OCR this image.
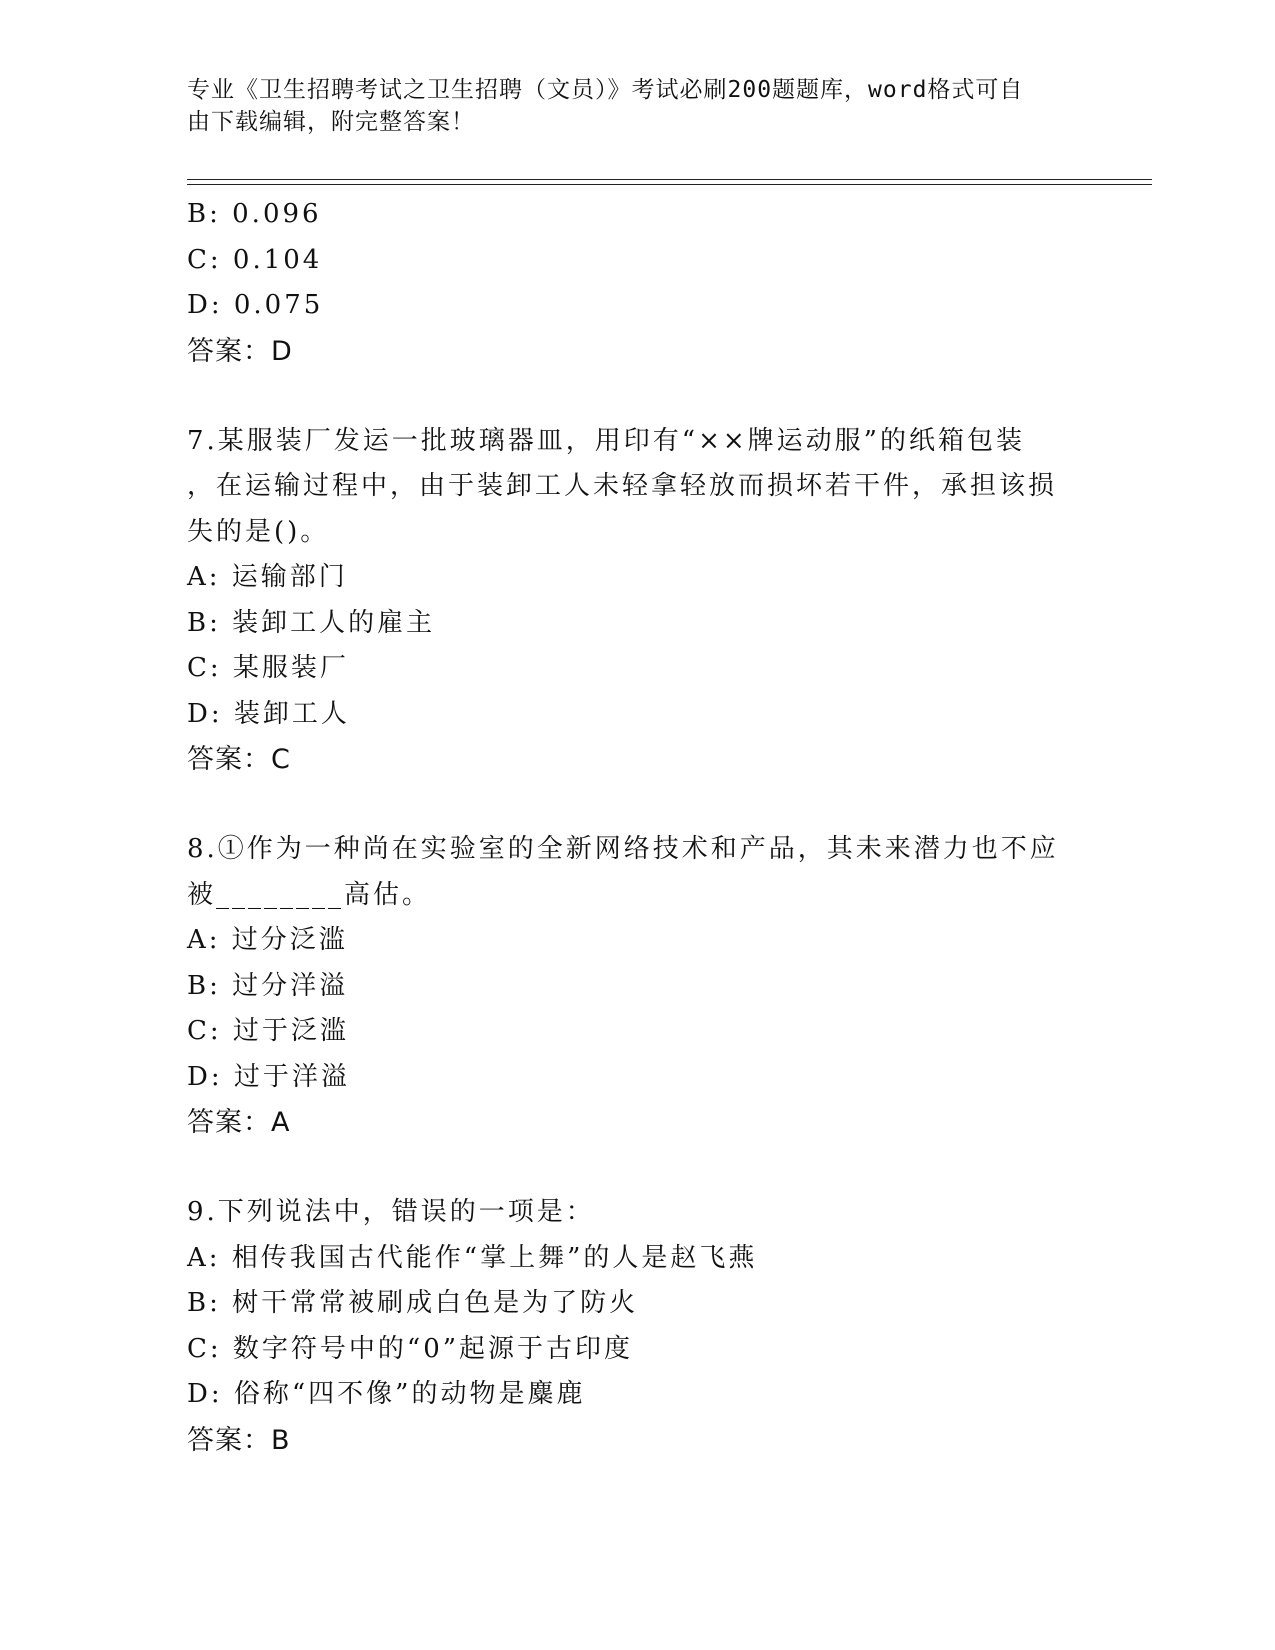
专业《卫生招聘考试之卫生招聘（文员）》考试必刷200题题库，word格式可自
由下载编辑，附完整答案！
B: 0.096
C: 0.104
D: 0.075
答案：D
7.某服装厂发运一批玻璃器皿，用印有“××牌运动服”的纸箱包装
，在运输过程中，由于装卸工人未轻拿轻放而损坏若干件，承担该损
失的是()。
A: 运输部门
B: 装卸工人的雇主
C: 某服装厂
D: 装卸工人
答案：C
8.①作为一种尚在实验室的全新网络技术和产品，其未来潜力也不应
被________高估。
A: 过分泛滥
B: 过分洋溢
C: 过于泛滥
D: 过于洋溢
答案：A
9.下列说法中，错误的一项是：
A: 相传我国古代能作“掌上舞”的人是赵飞燕
B: 树干常常被刷成白色是为了防火
C: 数字符号中的“0”起源于古印度
D: 俗称“四不像”的动物是麋鹿
答案：B
